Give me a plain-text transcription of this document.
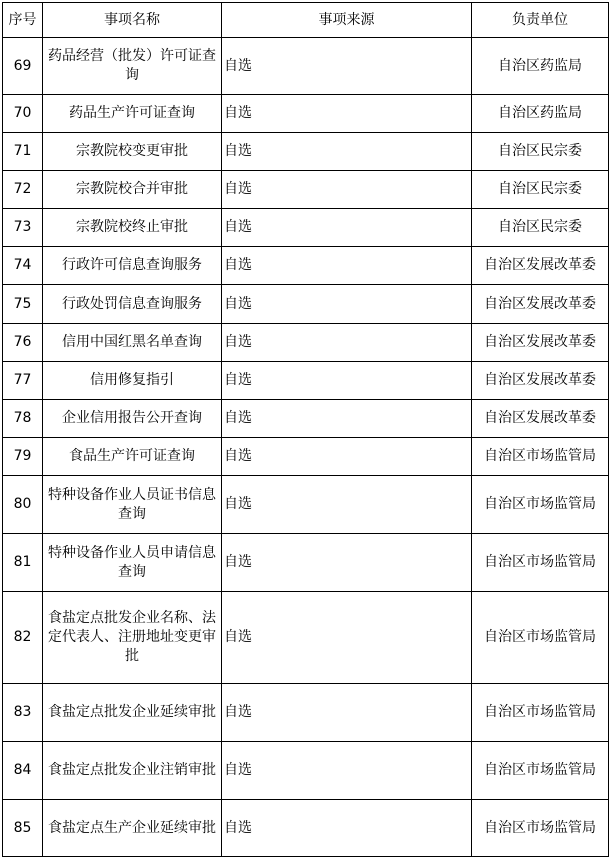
序号	事项名称	事项来源	负责单位
69	药品经营（批发）许可证查询	自选	自治区药监局
70	药品生产许可证查询	自选	自治区药监局
71	宗教院校变更审批	自选	自治区民宗委
72	宗教院校合并审批	自选	自治区民宗委
73	宗教院校终止审批	自选	自治区民宗委
74	行政许可信息查询服务	自选	自治区发展改革委
75	行政处罚信息查询服务	自选	自治区发展改革委
76	信用中国红黑名单查询	自选	自治区发展改革委
77	信用修复指引	自选	自治区发展改革委
78	企业信用报告公开查询	自选	自治区发展改革委
79	食品生产许可证查询	自选	自治区市场监管局
80	特种设备作业人员证书信息查询	自选	自治区市场监管局
81	特种设备作业人员申请信息查询	自选	自治区市场监管局
82	食盐定点批发企业名称、法定代表人、注册地址变更审批	自选	自治区市场监管局
83	食盐定点批发企业延续审批	自选	自治区市场监管局
84	食盐定点批发企业注销审批	自选	自治区市场监管局
85	食盐定点生产企业延续审批	自选	自治区市场监管局
